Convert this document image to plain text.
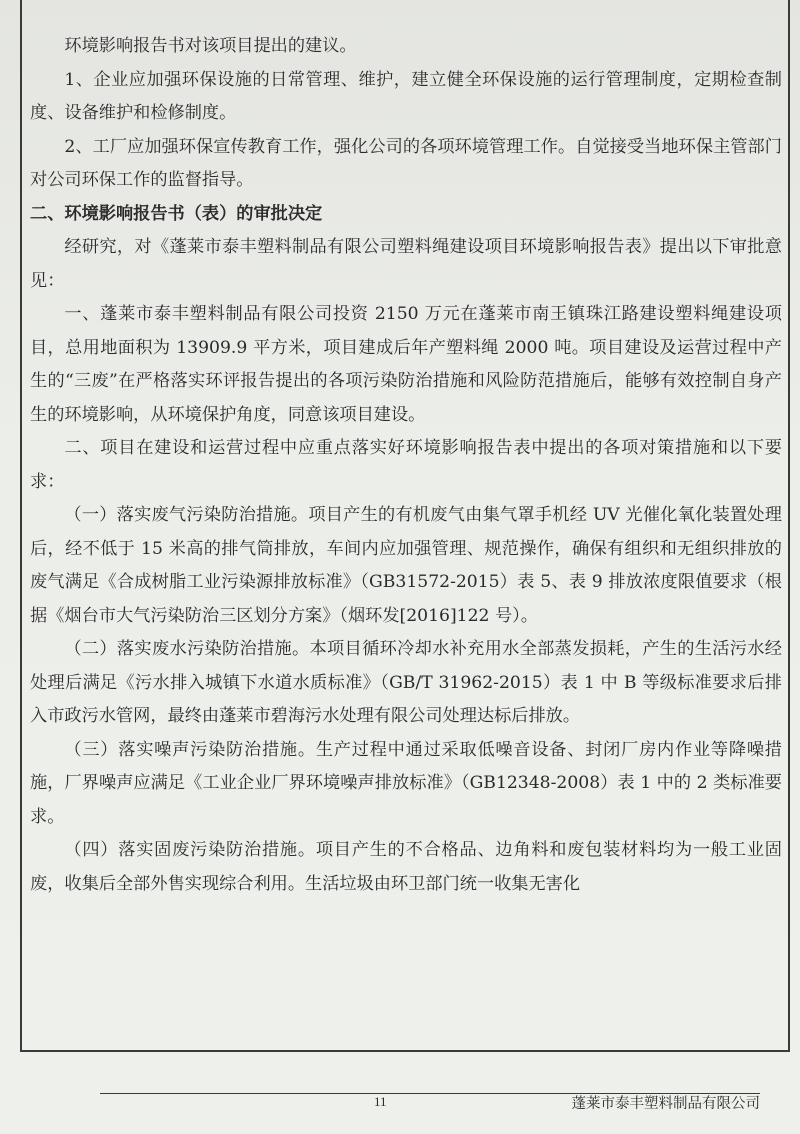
环境影响报告书对该项目提出的建议。

1、企业应加强环保设施的日常管理、维护，建立健全环保设施的运行管理制度，定期检查制度、设备维护和检修制度。

2、工厂应加强环保宣传教育工作，强化公司的各项环境管理工作。自觉接受当地环保主管部门对公司环保工作的监督指导。

二、环境影响报告书（表）的审批决定

经研究，对《蓬莱市泰丰塑料制品有限公司塑料绳建设项目环境影响报告表》提出以下审批意见：

一、蓬莱市泰丰塑料制品有限公司投资 2150 万元在蓬莱市南王镇珠江路建设塑料绳建设项目，总用地面积为 13909.9 平方米，项目建成后年产塑料绳 2000 吨。项目建设及运营过程中产生的“三废”在严格落实环评报告提出的各项污染防治措施和风险防范措施后，能够有效控制自身产生的环境影响，从环境保护角度，同意该项目建设。

二、项目在建设和运营过程中应重点落实好环境影响报告表中提出的各项对策措施和以下要求：

（一）落实废气污染防治措施。项目产生的有机废气由集气罩手机经 UV 光催化氧化装置处理后，经不低于 15 米高的排气筒排放，车间内应加强管理、规范操作，确保有组织和无组织排放的废气满足《合成树脂工业污染源排放标准》（GB31572-2015）表 5、表 9 排放浓度限值要求（根据《烟台市大气污染防治三区划分方案》（烟环发[2016]122 号）。

（二）落实废水污染防治措施。本项目循环冷却水补充用水全部蒸发损耗，产生的生活污水经处理后满足《污水排入城镇下水道水质标准》（GB/T 31962-2015）表 1 中 B 等级标准要求后排入市政污水管网，最终由蓬莱市碧海污水处理有限公司处理达标后排放。

（三）落实噪声污染防治措施。生产过程中通过采取低噪音设备、封闭厂房内作业等降噪措施，厂界噪声应满足《工业企业厂界环境噪声排放标准》（GB12348-2008）表 1 中的 2 类标准要求。

（四）落实固废污染防治措施。项目产生的不合格品、边角料和废包装材料均为一般工业固废，收集后全部外售实现综合利用。生活垃圾由环卫部门统一收集无害化

11	蓬莱市泰丰塑料制品有限公司
